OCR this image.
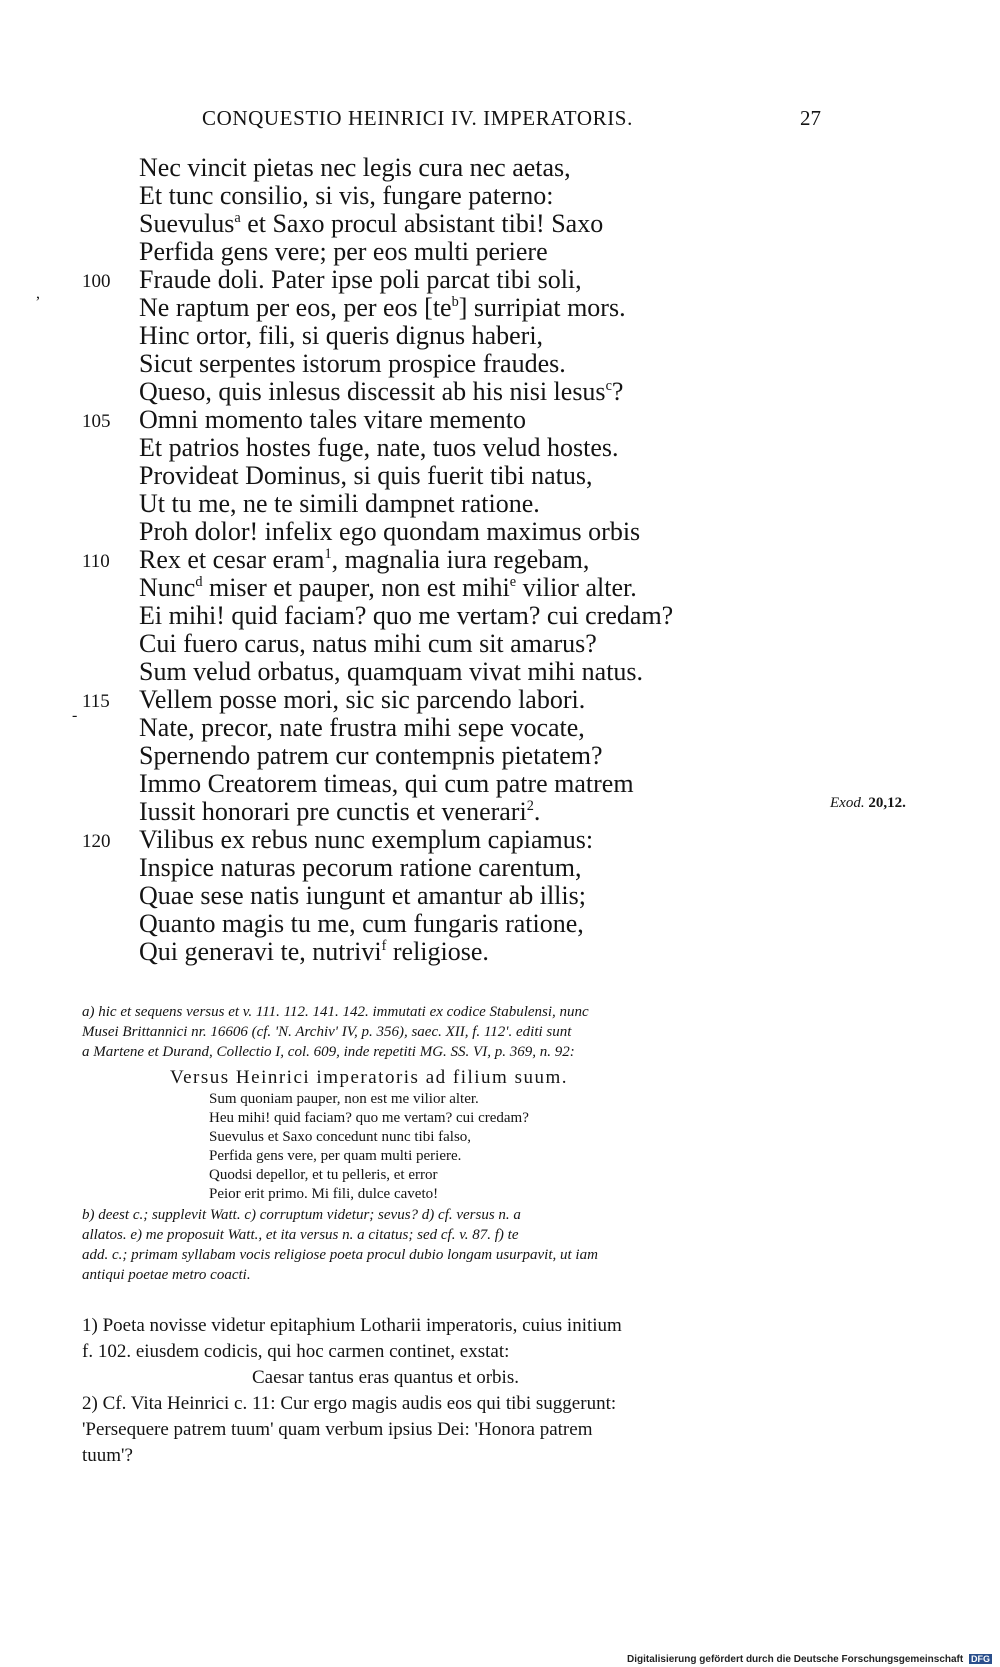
CONQUESTIO HEINRICI IV. IMPERATORIS.	27
,
-
Nec vincit pietas nec legis cura nec aetas,
Et tunc consilio, si vis, fungare paterno:
Suevulus$^a$ et Saxo procul absistant tibi! Saxo
Perfida gens vere; per eos multi periere
100 Fraude doli. Pater ipse poli parcat tibi soli,
Ne raptum per eos, per eos $[te^b]$ surripiat mors.
Hinc ortor, fili, si queris dignus haberi,
Sicut serpentes istorum prospice fraudes.
Queso, quis inlesus discessit ab his nisi lesus$^c$?
105 Omni momento tales vitare memento
Et patrios hostes fuge, nate, tuos velud hostes.
Provideat Dominus, si quis fuerit tibi natus,
Ut tu me, ne te simili dampnet ratione.
Proh dolor! infelix ego quondam maximus orbis
110 Rex et cesar eram$^1$, magnalia iura regebam,
Nunc$^d$ miser et pauper, non est mihi$^e$ vilior alter.
Ei mihi! quid faciam? quo me vertam? cui credam?
Cui fuero carus, natus mihi cum sit amarus?
Sum velud orbatus, quamquam vivat mihi natus.
115 Vellem posse mori, sic sic parcendo labori.
Nate, precor, nate frustra mihi sepe vocate,
Spernendo patrem cur contempnis pietatem?
Immo Creatorem timeas, qui cum patre matrem
Iussit honorari pre cunctis et venerari$^2$.
120 Vilibus ex rebus nunc exemplum capiamus:
Inspice naturas pecorum ratione carentum,
Quae sese natis iungunt et amantur ab illis;
Quanto magis tu me, cum fungaris ratione,
Qui generavi te, nutrivi$^f$ religiose.
Exod. 20,12.
a) hic et sequens versus et v. 111. 112. 141. 142. immutati ex codice Stabulensi, nunc
Musei Brittannici nr. 16606 (cf. 'N. Archiv' IV, p. 356), saec. XII, f. 112'. editi sunt
a Martene et Durand, Collectio I, col. 609, inde repetiti MG. SS. VI, p. 369, n. 92:
Versus Heinrici imperatoris ad filium suum.
Sum quoniam pauper, non est me vilior alter.
Heu mihi! quid faciam? quo me vertam? cui credam?
Suevulus et Saxo concedunt nunc tibi falso,
Perfida gens vere, per quam multi periere.
Quodsi depellor, et tu pelleris, et error
Peior erit primo. Mi fili, dulce caveto!
b) deest c.; supplevit Watt. c) corruptum videtur; sevus? d) cf. versus n. a
allatos. e) me proposuit Watt., et ita versus n. a citatus; sed cf. v. 87. f) te
add. c.; primam syllabam vocis religiose poeta procul dubio longam usurpavit, ut iam
antiqui poetae metro coacti.
1) Poeta novisse videtur epitaphium Lotharii imperatoris, cuius initium
f. 102. eiusdem codicis, qui hoc carmen continet, exstat:
Caesar tantus eras quantus et orbis.
2) Cf. Vita Heinrici c. 11: Cur ergo magis audis eos qui tibi suggerunt:
'Persequere patrem tuum' quam verbum ipsius Dei: 'Honora patrem
tuum'?
Digitalisierung gefördert durch die Deutsche Forschungsgemeinschaft DFG
